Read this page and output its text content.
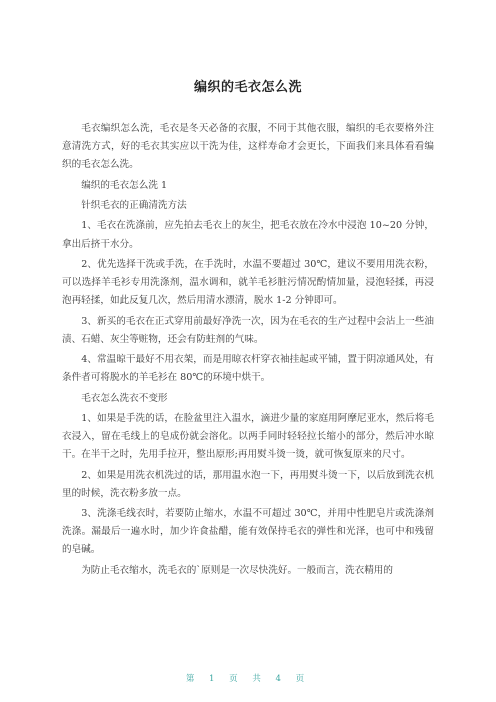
编织的毛衣怎么洗

毛衣编织怎么洗，毛衣是冬天必备的衣服，不同于其他衣服，编织的毛衣要格外注意清洗方式，好的毛衣其实应以干洗为佳，这样寿命才会更长，下面我们来具体看看编织的毛衣怎么洗。

编织的毛衣怎么洗 1

针织毛衣的正确清洗方法

1、毛衣在洗涤前，应先拍去毛衣上的灰尘，把毛衣放在冷水中浸泡 10~20 分钟，拿出后挤干水分。

2、优先选择干洗或手洗，在手洗时，水温不要超过 30℃，建议不要用用洗衣粉，可以选择羊毛衫专用洗涤剂，温水调和，就羊毛衫脏污情况酌情加量，浸泡轻揉，再浸泡再轻揉，如此反复几次，然后用清水漂清，脱水 1-2 分钟即可。

3、新买的毛衣在正式穿用前最好净洗一次，因为在毛衣的生产过程中会沾上一些油渍、石蜡、灰尘等赃物，还会有防蛀剂的气味。

4、常温晾干最好不用衣架，而是用晾衣杆穿衣袖挂起或平铺，置于阴凉通风处，有条件者可将脱水的羊毛衫在 80℃的环境中烘干。

毛衣怎么洗衣不变形

1、如果是手洗的话，在脸盆里注入温水，滴进少量的家庭用阿摩尼亚水，然后将毛衣浸入，留在毛线上的皂成份就会溶化。以两手同时轻轻拉长缩小的部分，然后冲水晾干。在半干之时，先用手拉开，整出原形;再用熨斗烫一烫，就可恢复原来的尺寸。

2、如果是用洗衣机洗过的话，那用温水泡一下，再用熨斗烫一下，以后放到洗衣机里的时候，洗衣粉多放一点。

3、洗涤毛线衣时，若要防止缩水，水温不可超过 30℃，并用中性肥皂片或洗涤剂洗涤。漏最后一遍水时，加少许食盐醋，能有效保持毛衣的弹性和光泽，也可中和残留的皂碱。

为防止毛衣缩水，洗毛衣的`原则是一次尽快洗好。一般而言，洗衣精用的

第 1 页 共 4 页
